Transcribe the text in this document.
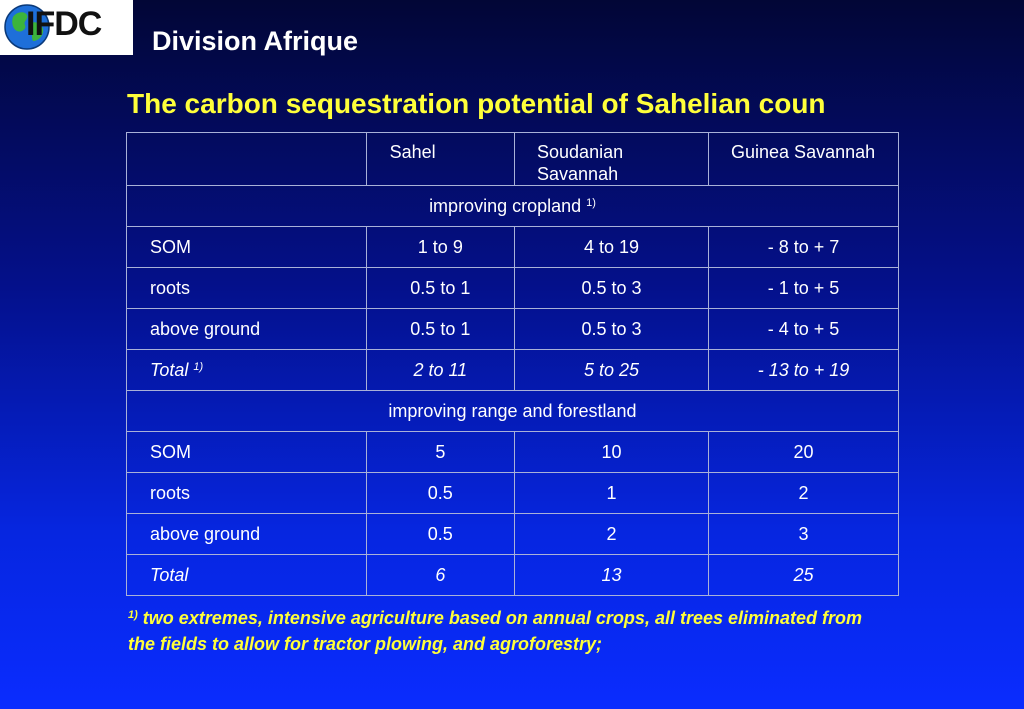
IFDC Division Afrique
The carbon sequestration potential of Sahelian coun
	Sahel	Soudanian Savannah	Guinea Savannah
improving cropland $^{1)}$
SOM	1 to 9	4 to 19	- 8 to + 7
roots	0.5 to 1	0.5 to 3	- 1 to + 5
above ground	0.5 to 1	0.5 to 3	- 4 to + 5
Total $^{1)}$	2 to 11	5 to 25	- 13 to + 19
improving range and forestland			
SOM	5	10	20
roots	0.5	1	2
above ground	0.5	2	3
Total	6	13	25
$^{1)}$ two extremes, intensive agriculture based on annual crops, all trees eliminated from the fields to allow for tractor plowing, and agroforestry;
